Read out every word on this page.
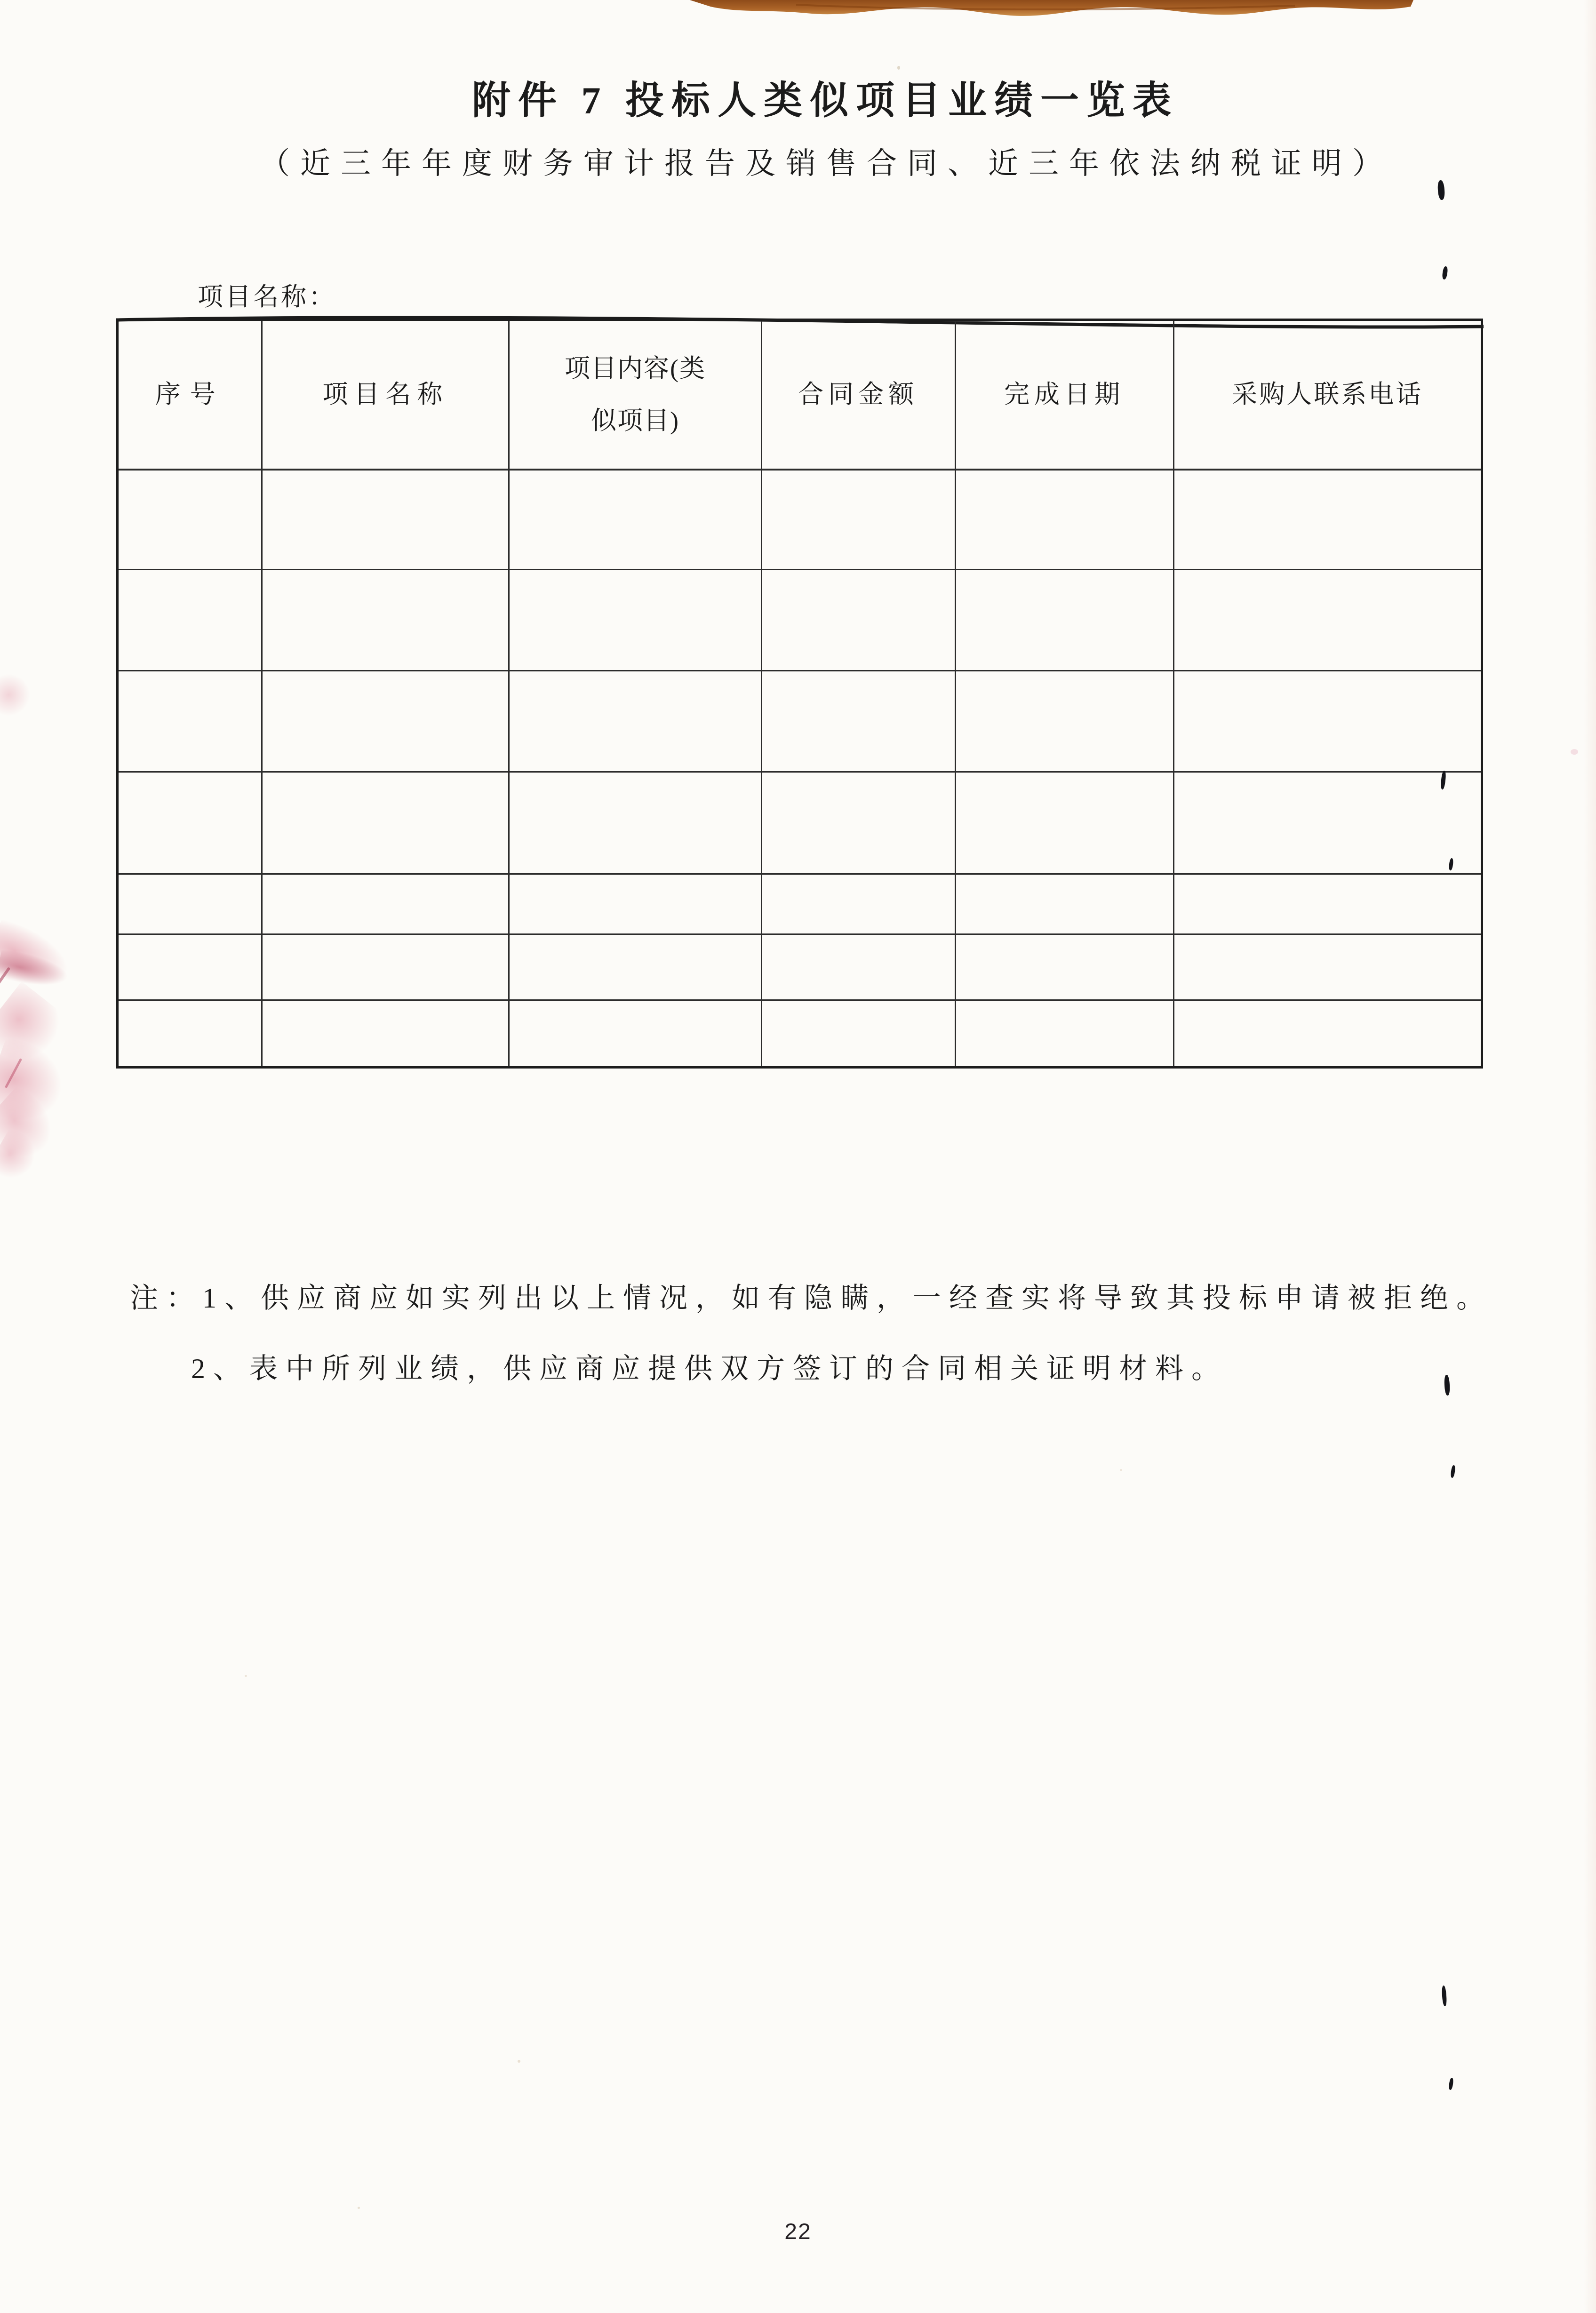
附件 7 投标人类似项目业绩一览表
（近三年年度财务审计报告及销售合同、近三年依法纳税证明）
项目名称：
序号	项目名称	项目内容(类
似项目)	合同金额	完成日期	采购人联系电话

注：1、供应商应如实列出以上情况，如有隐瞒，一经查实将导致其投标申请被拒绝。
2、表中所列业绩，供应商应提供双方签订的合同相关证明材料。
22
